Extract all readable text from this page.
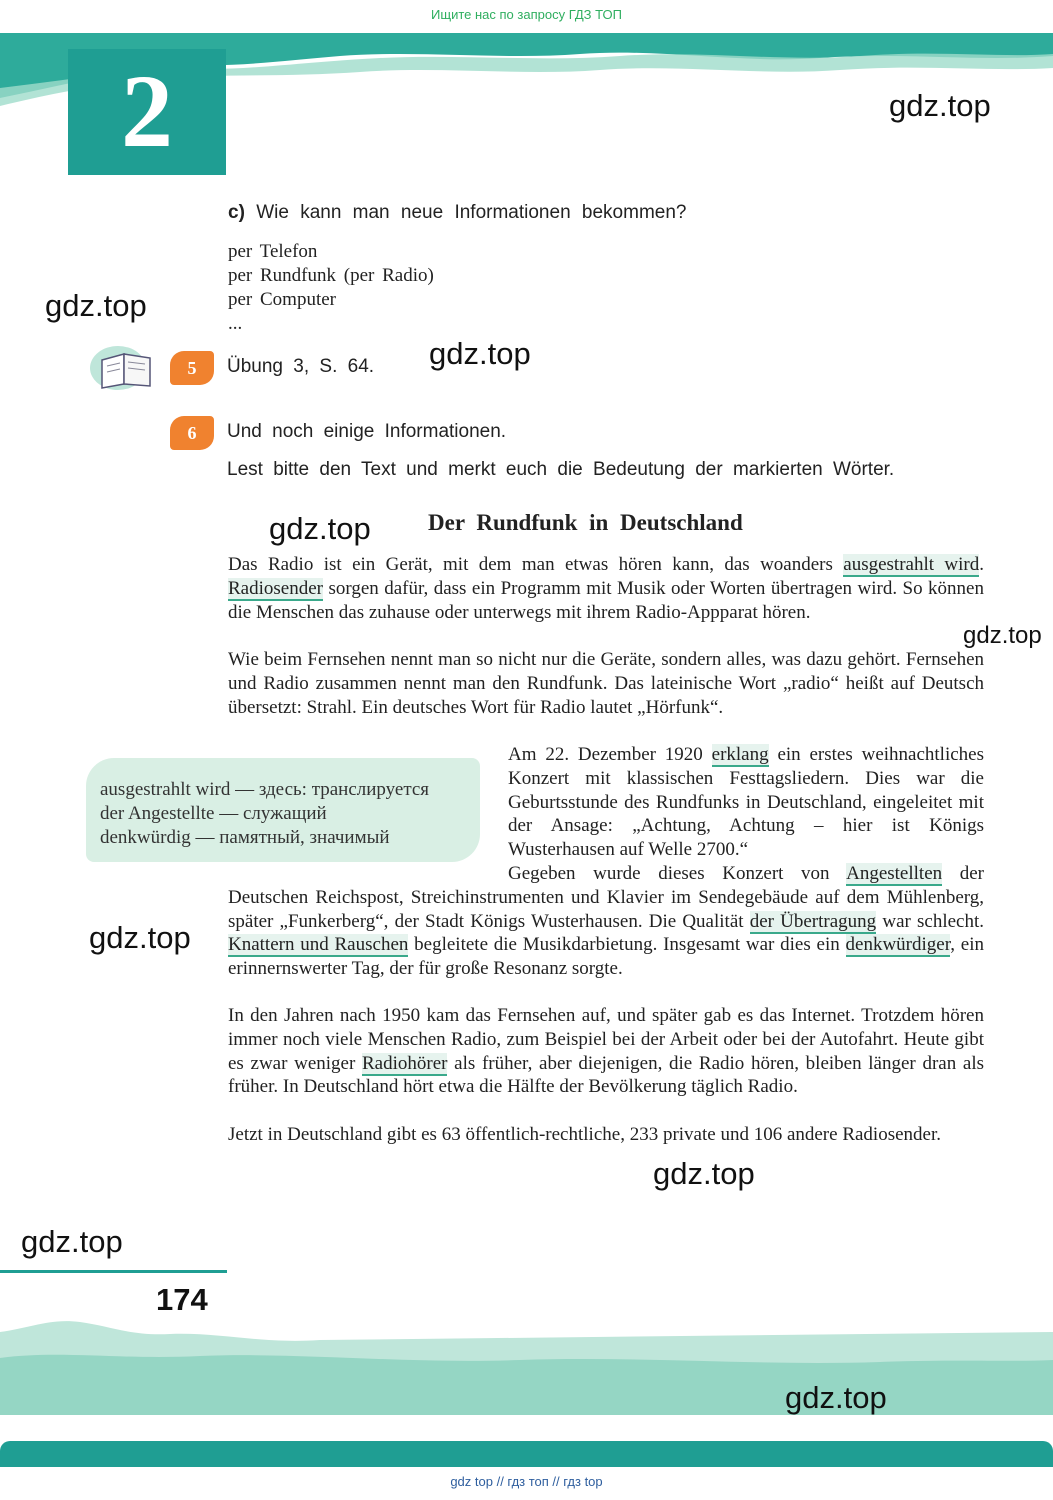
Ищите нас по запросу ГДЗ ТОП
2	gdz.top
c) Wie kann man neue Informationen bekommen?
per Telefon
per Rundfunk (per Radio)
per Computer
...
gdz.top
5	Übung 3, S. 64. gdz.top
6	Und noch einige Informationen.
Lest bitte den Text und merkt euch die Bedeutung der markierten Wörter.
gdz.top Der Rundfunk in Deutschland
Das Radio ist ein Gerät, mit dem man etwas hören kann, das woanders ausgestrahlt wird. Radiosender sorgen dafür, dass ein Programm mit Musik oder Worten übertragen wird. So können die Menschen das zuhause oder unterwegs mit ihrem Radio-Appparat hören.
gdz.top
Wie beim Fernsehen nennt man so nicht nur die Geräte, sondern alles, was dazu gehört. Fernsehen und Radio zusammen nennt man den Rundfunk. Das lateinische Wort „radio“ heißt auf Deutsch übersetzt: Strahl. Ein deutsches Wort für Radio lautet „Hörfunk“.
ausgestrahlt wird — здесь: транслируется
der Angestellte — служащий
denkwürdig — памятный, значимый
Am 22. Dezember 1920 erklang ein erstes weihnachtliches Konzert mit klassischen Festtagsliedern. Dies war die Geburtsstunde des Rundfunks in Deutschland, eingeleitet mit der Ansage: „Achtung, Achtung – hier ist Königs Wusterhausen auf Welle 2700.“
Gegeben wurde dieses Konzert von Angestellten der Deutschen Reichspost, Streichinstrumenten und Klavier im Sendegebäude auf dem Mühlenberg, später „Funkerberg“, der Stadt Königs Wusterhausen. Die Qualität der Übertragung war schlecht. Knattern und Rauschen begleitete die Musikdarbietung. Insgesamt war dies ein denkwürdiger, ein erinnernswerter Tag, der für große Resonanz sorgte.
gdz.top
In den Jahren nach 1950 kam das Fernsehen auf, und später gab es das Internet. Trotzdem hören immer noch viele Menschen Radio, zum Beispiel bei der Arbeit oder bei der Autofahrt. Heute gibt es zwar weniger Radiohörer als früher, aber diejenigen, die Radio hören, bleiben länger dran als früher. In Deutschland hört etwa die Hälfte der Bevölkerung täglich Radio.
Jetzt in Deutschland gibt es 63 öffentlich-rechtliche, 233 private und 106 andere Radiosender.
gdz.top
gdz.top
174
gdz.top
gdz top // гдз топ // гдз top
